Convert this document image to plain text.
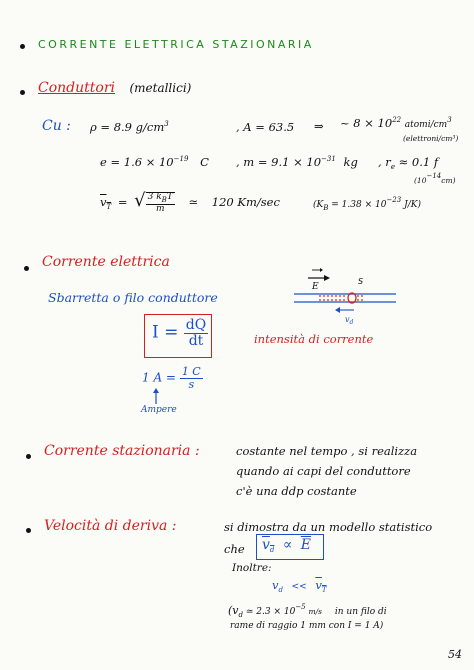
CORRENTE ELETTRICA STAZIONARIA
Conduttori (metallici)
Cu : ρ = 8.9 $g/cm^3$	, A = 63.5 ⇒ ~ $8 \times 10^{22}$ atomi/$cm^3$
(elettroni/cm³)
$e = 1.6 \times 10^{-19}$ C , $m = 9.1 \times 10^{-31}$ kg , $r_e \approx 0.1$ f
$(10^{-14}cm)$
$v_T$ = √ $\frac{3 k_BT}{m}$ ≃ 120 Km/sec	($K_B = 1.38 \times 10^{-23}$ J/K)
Corrente elettrica
Sbarretta o filo conduttore
E
S
$v_d$
$I = \frac{dQ}{dt}$	intensità di corrente
1 $A = \frac{1 C}{s}$
Ampere
Corrente stazionaria :	costante nel tempo , si realizza
quando ai capi del conduttore
c'è una ddp costante
Velocità di deriva :	si dimostra da un modello statistico
che $v_d \propto \overline{E}$
Inoltre:
$v_d << v_T$
($v_d$ ≃ $2.3 \times 10^{-5}$ m/s in un filo di
rame di raggio 1 mm con I = 1 A)
54
